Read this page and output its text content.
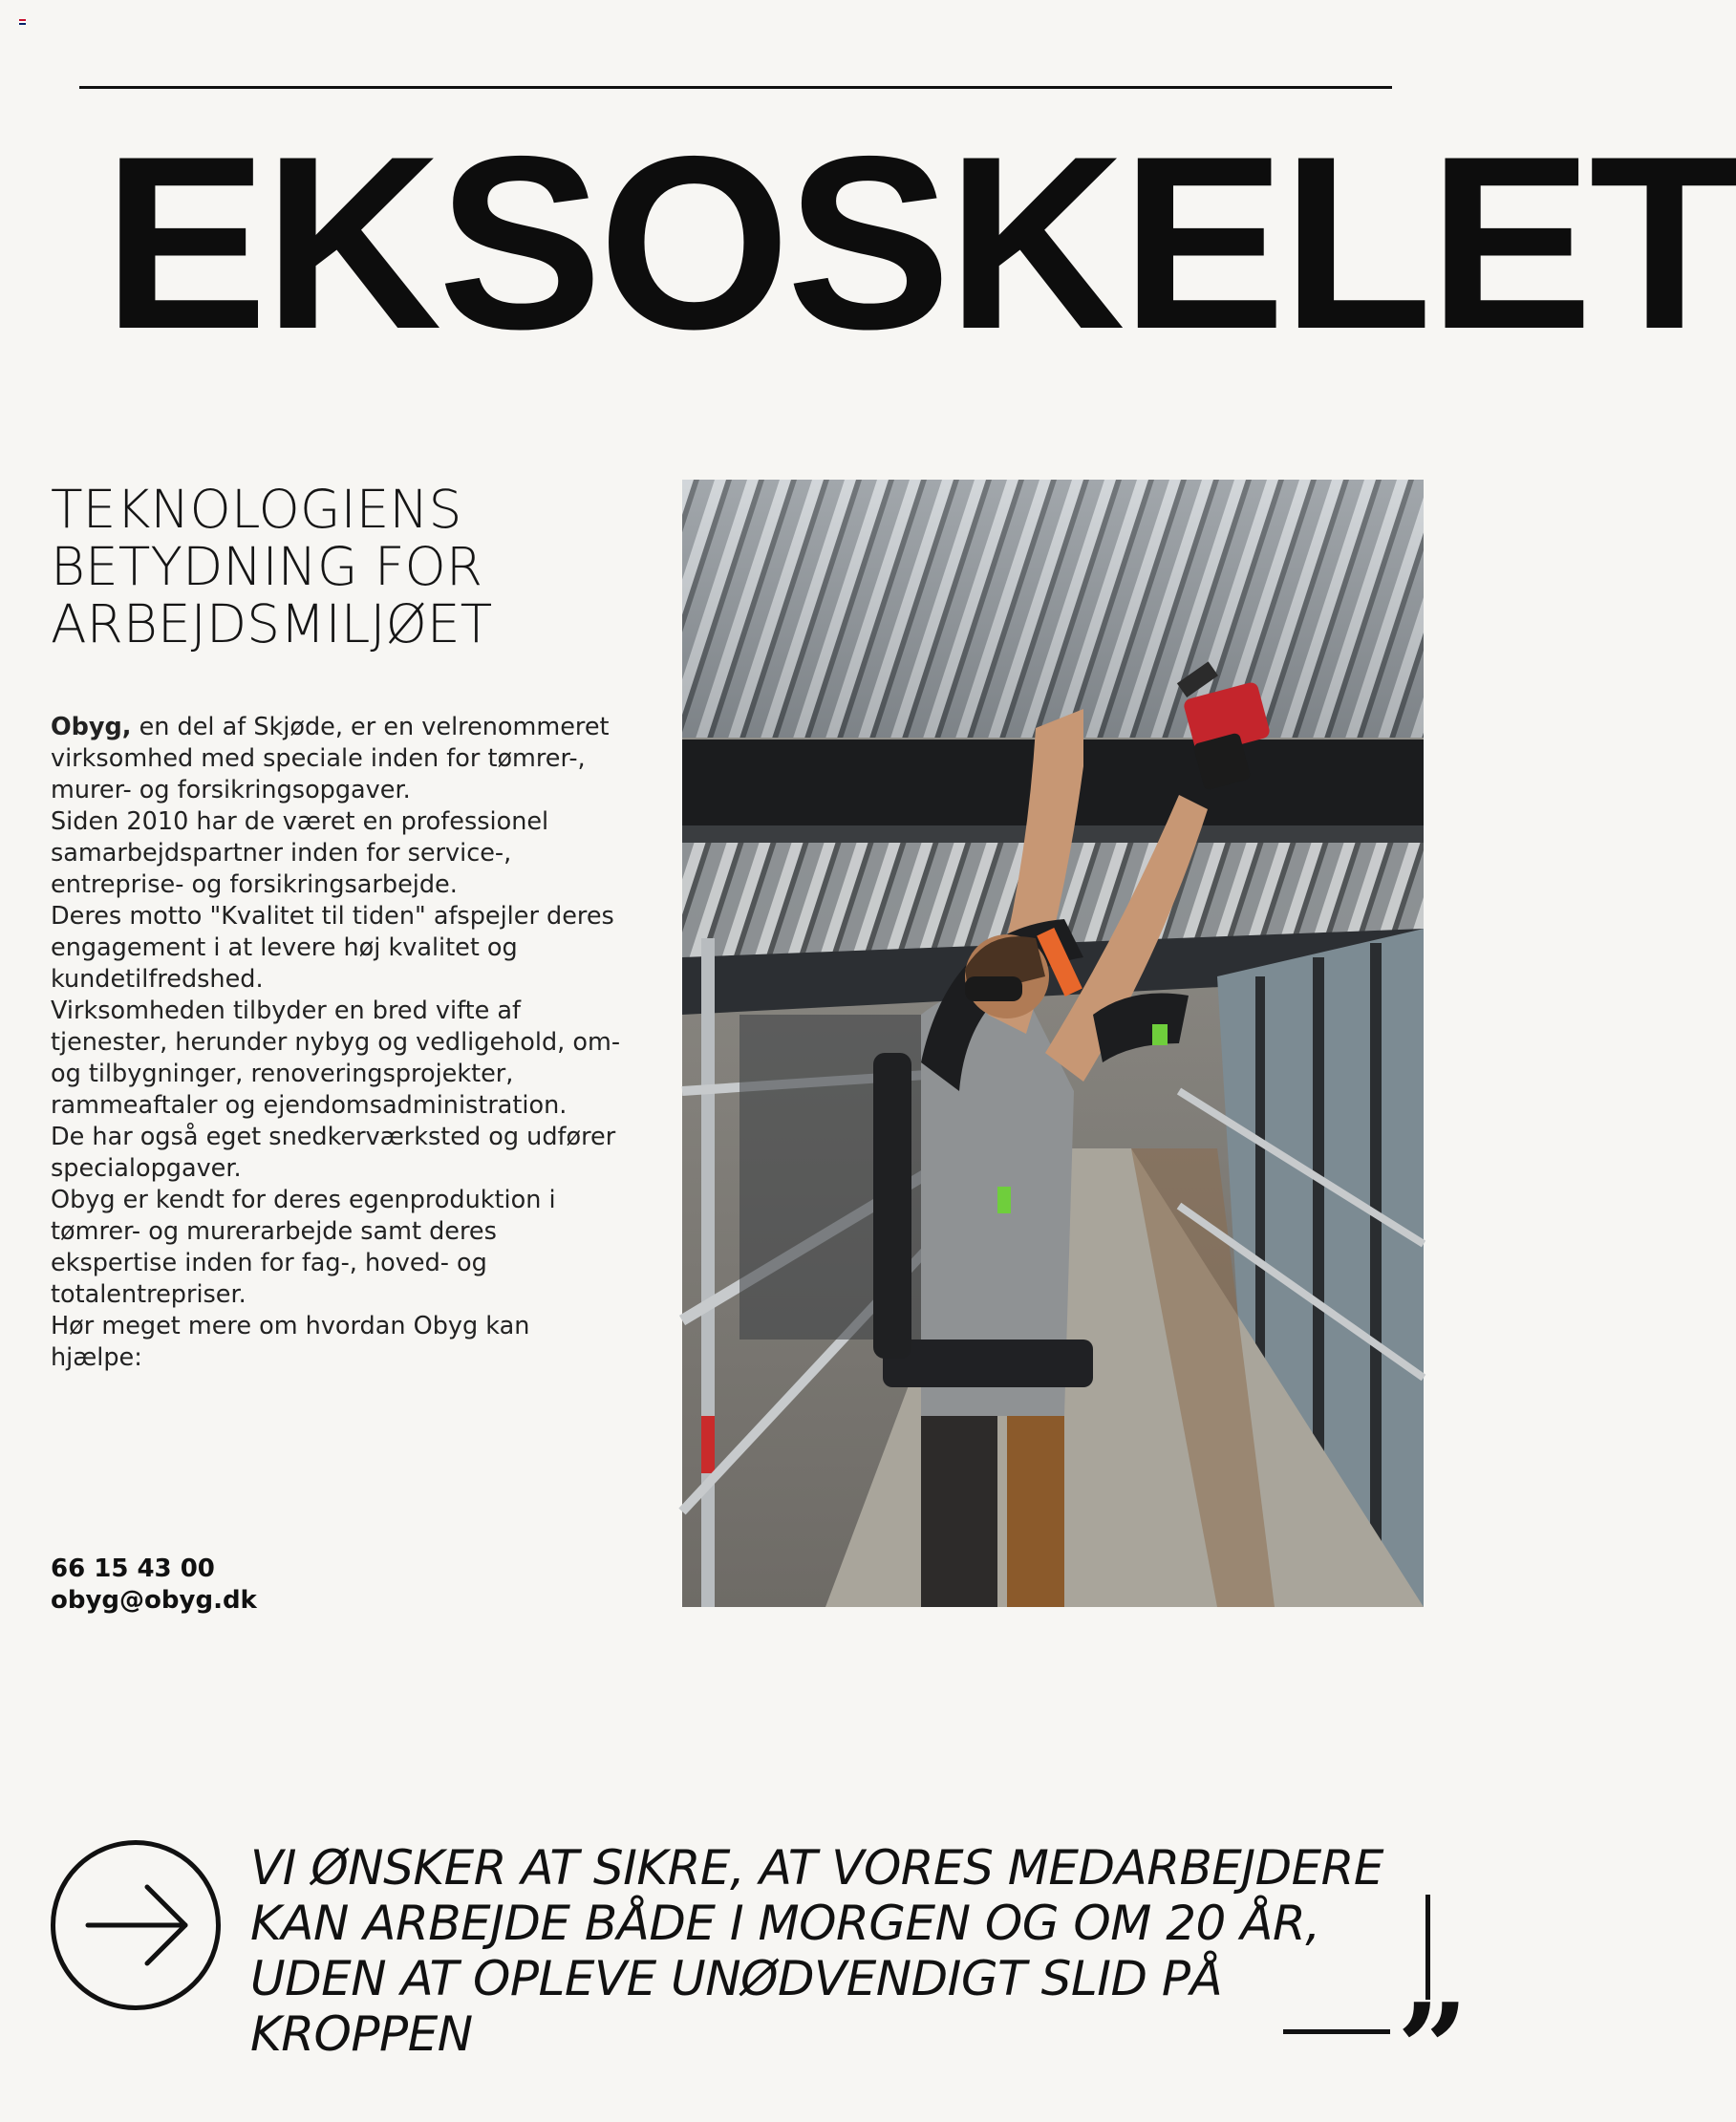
EKSOSKELET
TEKNOLOGIENS
BETYDNING FOR
ARBEJDSMILJØET

Obyg, en del af Skjøde, er en velrenommeret virksomhed med speciale inden for tømrer-, murer- og forsikringsopgaver.

Siden 2010 har de været en professionel samarbejdspartner inden for service-, entreprise- og forsikringsarbejde.

Deres motto "Kvalitet til tiden" afspejler deres engagement i at levere høj kvalitet og kundetilfredshed.

Virksomheden tilbyder en bred vifte af tjenester, herunder nybyg og vedligehold, om- og tilbygninger, renoveringsprojekter, rammeaftaler og ejendomsadministration.

De har også eget snedkerværksted og udfører specialopgaver.

Obyg er kendt for deres egenproduktion i tømrer- og murerarbejde samt deres ekspertise inden for fag-, hoved- og totalentrepriser.

Hør meget mere om hvordan Obyg kan hjælpe:

66 15 43 00
obyg@obyg.dk

VI ØNSKER AT SIKRE, AT VORES MEDARBEJDERE KAN ARBEJDE BÅDE I MORGEN OG OM 20 ÅR, UDEN AT OPLEVE UNØDVENDIGT SLID PÅ KROPPEN	”
